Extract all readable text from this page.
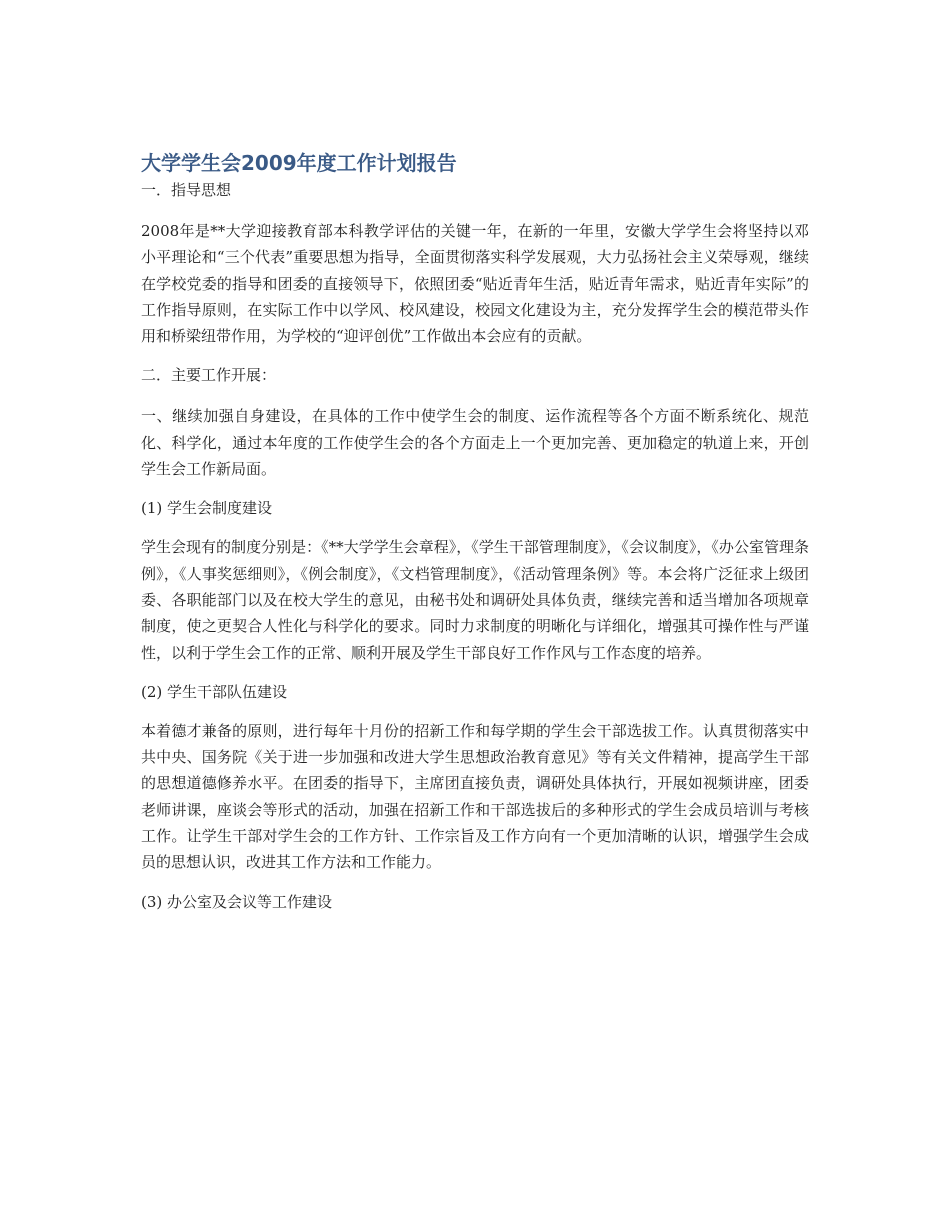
大学学生会2009年度工作计划报告
一．指导思想

2008年是**大学迎接教育部本科教学评估的关键一年，在新的一年里，安徽大学学生会将坚持以邓小平理论和“三个代表”重要思想为指导，全面贯彻落实科学发展观，大力弘扬社会主义荣辱观，继续在学校党委的指导和团委的直接领导下，依照团委“贴近青年生活，贴近青年需求，贴近青年实际”的工作指导原则，在实际工作中以学风、校风建设，校园文化建设为主，充分发挥学生会的模范带头作用和桥梁纽带作用，为学校的“迎评创优”工作做出本会应有的贡献。

二．主要工作开展：

一、继续加强自身建设，在具体的工作中使学生会的制度、运作流程等各个方面不断系统化、规范化、科学化，通过本年度的工作使学生会的各个方面走上一个更加完善、更加稳定的轨道上来，开创学生会工作新局面。

(1) 学生会制度建设

学生会现有的制度分别是：《**大学学生会章程》，《学生干部管理制度》，《会议制度》，《办公室管理条例》，《人事奖惩细则》，《例会制度》，《文档管理制度》，《活动管理条例》等。本会将广泛征求上级团委、各职能部门以及在校大学生的意见，由秘书处和调研处具体负责，继续完善和适当增加各项规章制度，使之更契合人性化与科学化的要求。同时力求制度的明晰化与详细化，增强其可操作性与严谨性，以利于学生会工作的正常、顺利开展及学生干部良好工作作风与工作态度的培养。

(2) 学生干部队伍建设

本着德才兼备的原则，进行每年十月份的招新工作和每学期的学生会干部选拔工作。认真贯彻落实中共中央、国务院《关于进一步加强和改进大学生思想政治教育意见》等有关文件精神，提高学生干部的思想道德修养水平。在团委的指导下，主席团直接负责，调研处具体执行，开展如视频讲座，团委老师讲课，座谈会等形式的活动，加强在招新工作和干部选拔后的多种形式的学生会成员培训与考核工作。让学生干部对学生会的工作方针、工作宗旨及工作方向有一个更加清晰的认识，增强学生会成员的思想认识，改进其工作方法和工作能力。

(3) 办公室及会议等工作建设
